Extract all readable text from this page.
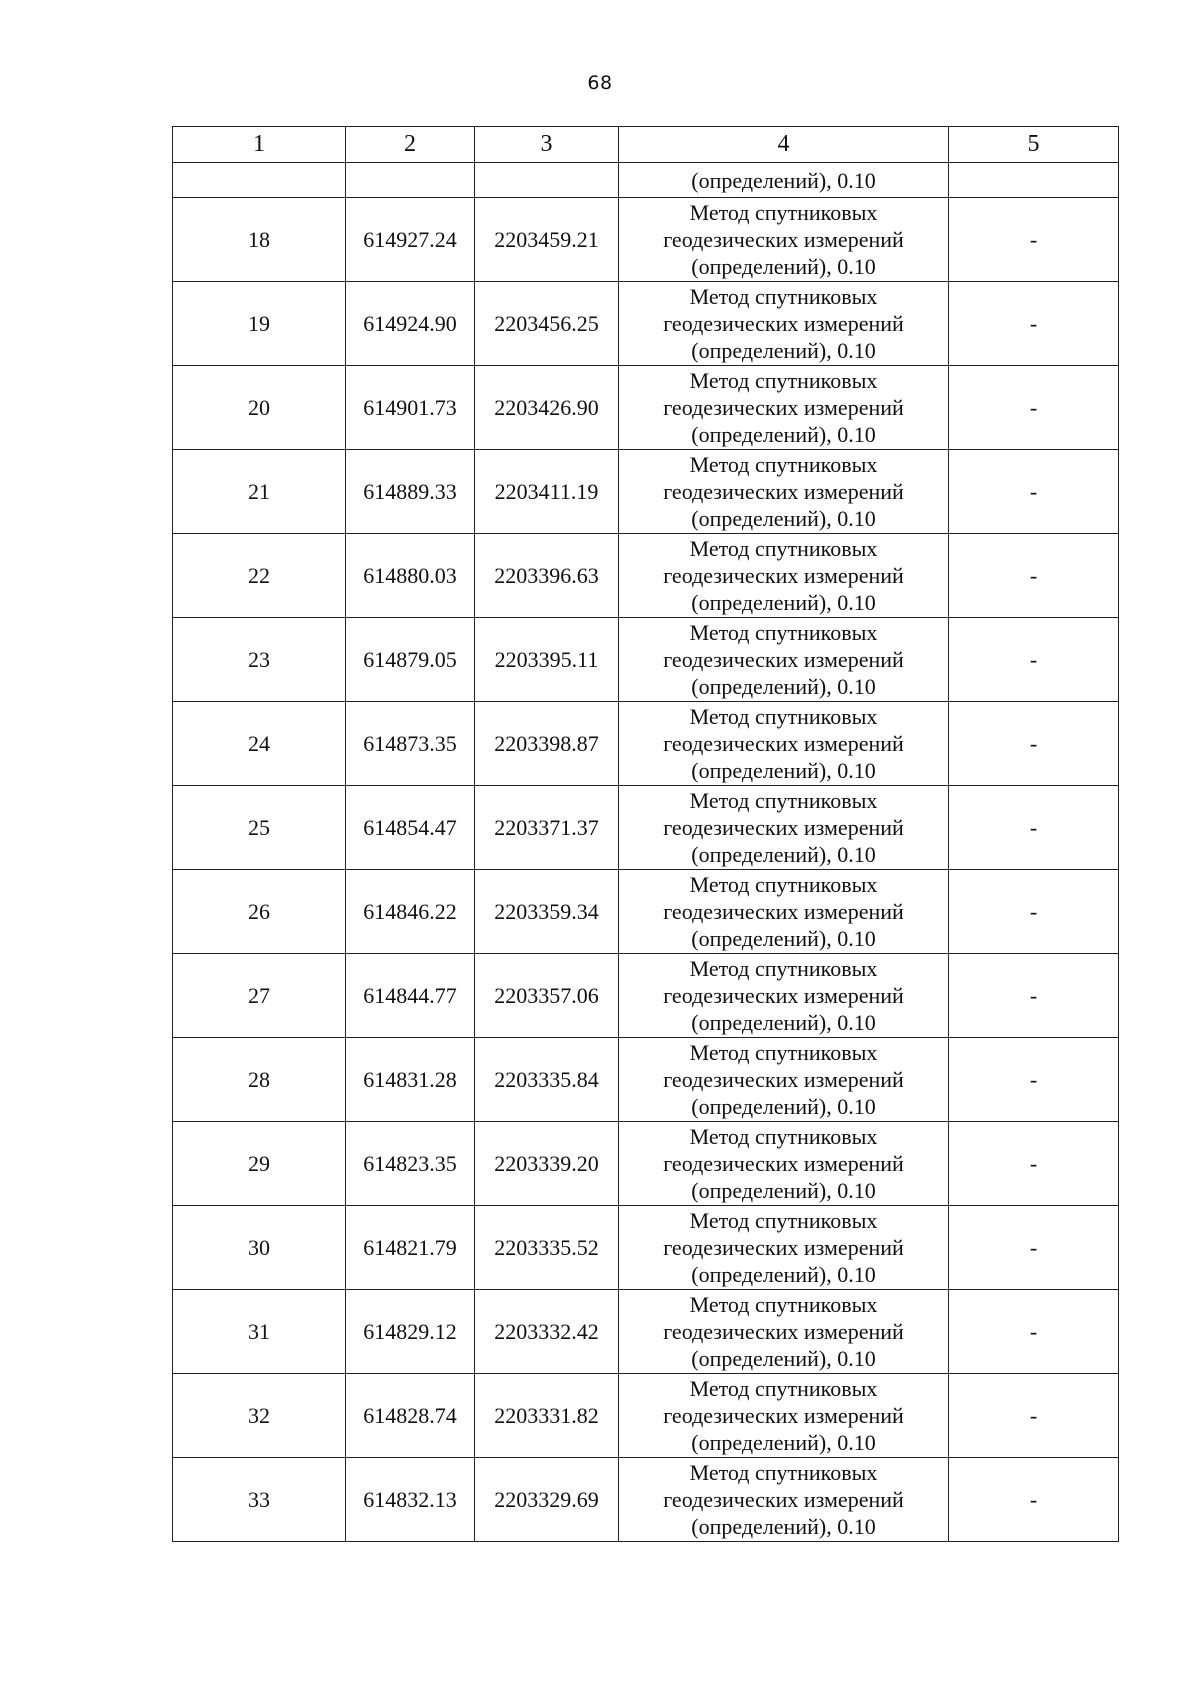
68
1	2	3	4	5
			(определений), 0.10	
18	614927.24	2203459.21	Метод спутниковых
геодезических измерений
(определений), 0.10	-
19	614924.90	2203456.25	Метод спутниковых
геодезических измерений
(определений), 0.10	-
20	614901.73	2203426.90	Метод спутниковых
геодезических измерений
(определений), 0.10	-
21	614889.33	2203411.19	Метод спутниковых
геодезических измерений
(определений), 0.10	-
22	614880.03	2203396.63	Метод спутниковых
геодезических измерений
(определений), 0.10	-
23	614879.05	2203395.11	Метод спутниковых
геодезических измерений
(определений), 0.10	-
24	614873.35	2203398.87	Метод спутниковых
геодезических измерений
(определений), 0.10	-
25	614854.47	2203371.37	Метод спутниковых
геодезических измерений
(определений), 0.10	-
26	614846.22	2203359.34	Метод спутниковых
геодезических измерений
(определений), 0.10	-
27	614844.77	2203357.06	Метод спутниковых
геодезических измерений
(определений), 0.10	-
28	614831.28	2203335.84	Метод спутниковых
геодезических измерений
(определений), 0.10	-
29	614823.35	2203339.20	Метод спутниковых
геодезических измерений
(определений), 0.10	-
30	614821.79	2203335.52	Метод спутниковых
геодезических измерений
(определений), 0.10	-
31	614829.12	2203332.42	Метод спутниковых
геодезических измерений
(определений), 0.10	-
32	614828.74	2203331.82	Метод спутниковых
геодезических измерений
(определений), 0.10	-
33	614832.13	2203329.69	Метод спутниковых
геодезических измерений
(определений), 0.10	-
